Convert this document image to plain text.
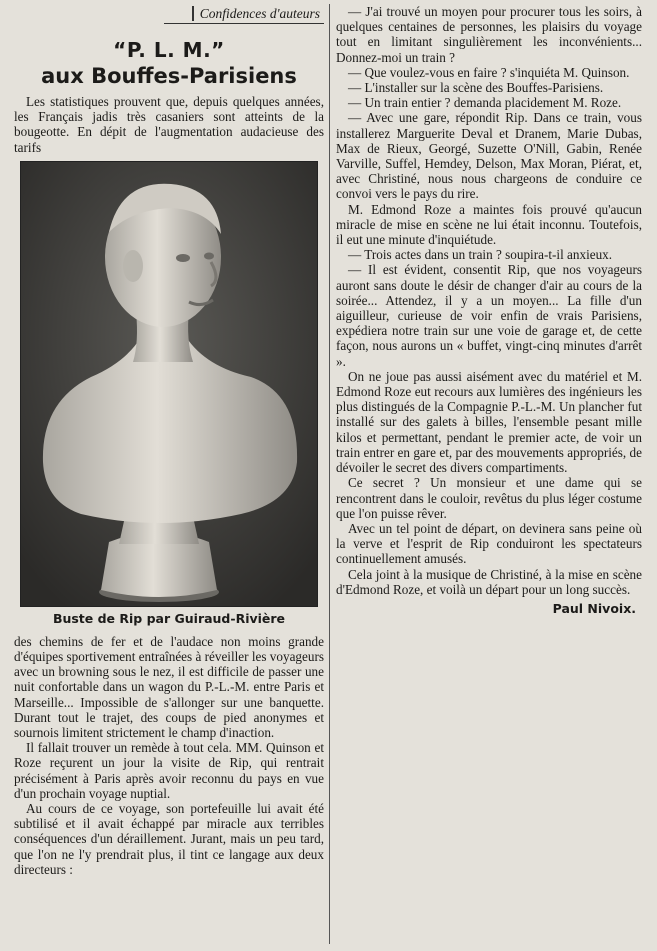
Confidences d'auteurs
“P. L. M.”
aux Bouffes-Parisiens

Les statistiques prouvent que, depuis quelques années, les Français jadis très casaniers sont atteints de la bougeotte. En dépit de l'augmentation audacieuse des tarifs

Buste de Rip par Guiraud-Rivière

des chemins de fer et de l'audace non moins grande d'équipes sportivement entraînées à réveiller les voyageurs avec un browning sous le nez, il est difficile de passer une nuit confortable dans un wagon du P.-L.-M. entre Paris et Marseille... Impossible de s'allonger sur une banquette. Durant tout le trajet, des coups de pied anonymes et sournois limitent strictement le champ d'inaction.

Il fallait trouver un remède à tout cela. MM. Quinson et Roze reçurent un jour la visite de Rip, qui rentrait précisément à Paris après avoir reconnu du pays en vue d'un prochain voyage nuptial.

Au cours de ce voyage, son portefeuille lui avait été subtilisé et il avait échappé par miracle aux terribles conséquences d'un déraillement. Jurant, mais un peu tard, que l'on ne l'y prendrait plus, il tint ce langage aux deux directeurs :

— J'ai trouvé un moyen pour procurer tous les soirs, à quelques centaines de personnes, les plaisirs du voyage tout en limitant singulièrement les inconvénients... Donnez-moi un train ?

— Que voulez-vous en faire ? s'inquiéta M. Quinson.

— L'installer sur la scène des Bouffes-Parisiens.

— Un train entier ? demanda placidement M. Roze.

— Avec une gare, répondit Rip. Dans ce train, vous installerez Marguerite Deval et Dranem, Marie Dubas, Max de Rieux, Georgé, Suzette O'Nill, Gabin, Renée Varville, Suffel, Hemdey, Delson, Max Moran, Piérat, et, avec Christiné, nous nous chargeons de conduire ce convoi vers le pays du rire.

M. Edmond Roze a maintes fois prouvé qu'aucun miracle de mise en scène ne lui était inconnu. Toutefois, il eut une minute d'inquiétude.

— Trois actes dans un train ? soupira-t-il anxieux.

— Il est évident, consentit Rip, que nos voyageurs auront sans doute le désir de changer d'air au cours de la soirée... Attendez, il y a un moyen... La fille d'un aiguilleur, curieuse de voir enfin de vrais Parisiens, expédiera notre train sur une voie de garage et, de cette façon, nous aurons un « buffet, vingt-cinq minutes d'arrêt ».

On ne joue pas aussi aisément avec du matériel et M. Edmond Roze eut recours aux lumières des ingénieurs les plus distingués de la Compagnie P.-L.-M. Un plancher fut installé sur des galets à billes, l'ensemble pesant mille kilos et permettant, pendant le premier acte, de voir un train entrer en gare et, par des mouvements appropriés, de dévoiler le secret des divers compartiments.

Ce secret ? Un monsieur et une dame qui se rencontrent dans le couloir, revêtus du plus léger costume que l'on puisse rêver.

Avec un tel point de départ, on devinera sans peine où la verve et l'esprit de Rip conduiront les spectateurs continuellement amusés.

Cela joint à la musique de Christiné, à la mise en scène d'Edmond Roze, et voilà un départ pour un long succès.

Paul Nivoix.
